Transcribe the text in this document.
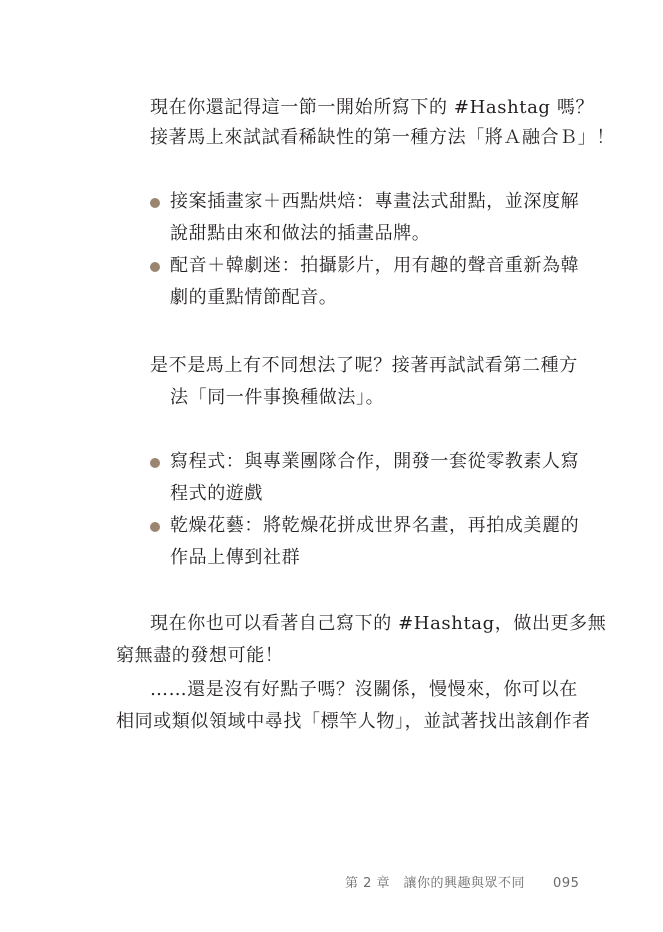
現在你還記得這一節一開始所寫下的 #Hashtag 嗎？
接著馬上來試試看稀缺性的第一種方法「將Ａ融合Ｂ」！
接案插畫家＋西點烘焙：專畫法式甜點，並深度解
說甜點由來和做法的插畫品牌。
配音＋韓劇迷：拍攝影片，用有趣的聲音重新為韓
劇的重點情節配音。
是不是馬上有不同想法了呢？接著再試試看第二種方
法「同一件事換種做法」。
寫程式：與專業團隊合作，開發一套從零教素人寫
程式的遊戲
乾燥花藝：將乾燥花拼成世界名畫，再拍成美麗的
作品上傳到社群
現在你也可以看著自己寫下的 #Hashtag，做出更多無
窮無盡的發想可能！
……還是沒有好點子嗎？沒關係，慢慢來，你可以在
相同或類似領域中尋找「標竿人物」，並試著找出該創作者
第 2 章　讓你的興趣與眾不同 095
